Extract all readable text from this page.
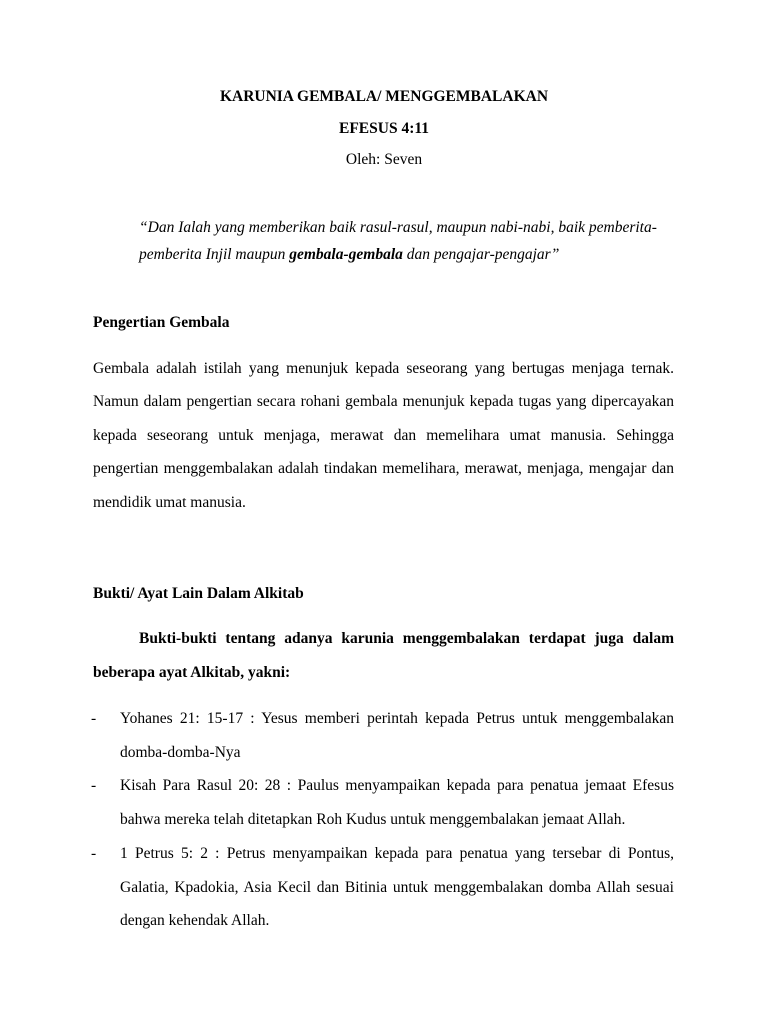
KARUNIA GEMBALA/ MENGGEMBALAKAN
EFESUS 4:11
Oleh: Seven
“Dan Ialah yang memberikan baik rasul-rasul, maupun nabi-nabi, baik pemberita-
pemberita Injil maupun gembala-gembala dan pengajar-pengajar”
Pengertian Gembala
Gembala adalah istilah yang menunjuk kepada seseorang yang bertugas menjaga ternak.
Namun dalam pengertian secara rohani gembala menunjuk kepada tugas yang dipercayakan
kepada seseorang untuk menjaga, merawat dan memelihara umat manusia. Sehingga
pengertian menggembalakan adalah tindakan memelihara, merawat, menjaga, mengajar dan
mendidik umat manusia.
Bukti/ Ayat Lain Dalam Alkitab
Bukti-bukti tentang adanya karunia menggembalakan terdapat juga dalam
beberapa ayat Alkitab, yakni:
- Yohanes 21: 15-17 : Yesus memberi perintah kepada Petrus untuk menggembalakan
domba-domba-Nya
- Kisah Para Rasul 20: 28 : Paulus menyampaikan kepada para penatua jemaat Efesus
bahwa mereka telah ditetapkan Roh Kudus untuk menggembalakan jemaat Allah.
- 1 Petrus 5: 2 : Petrus menyampaikan kepada para penatua yang tersebar di Pontus,
Galatia, Kpadokia, Asia Kecil dan Bitinia untuk menggembalakan domba Allah sesuai
dengan kehendak Allah.
